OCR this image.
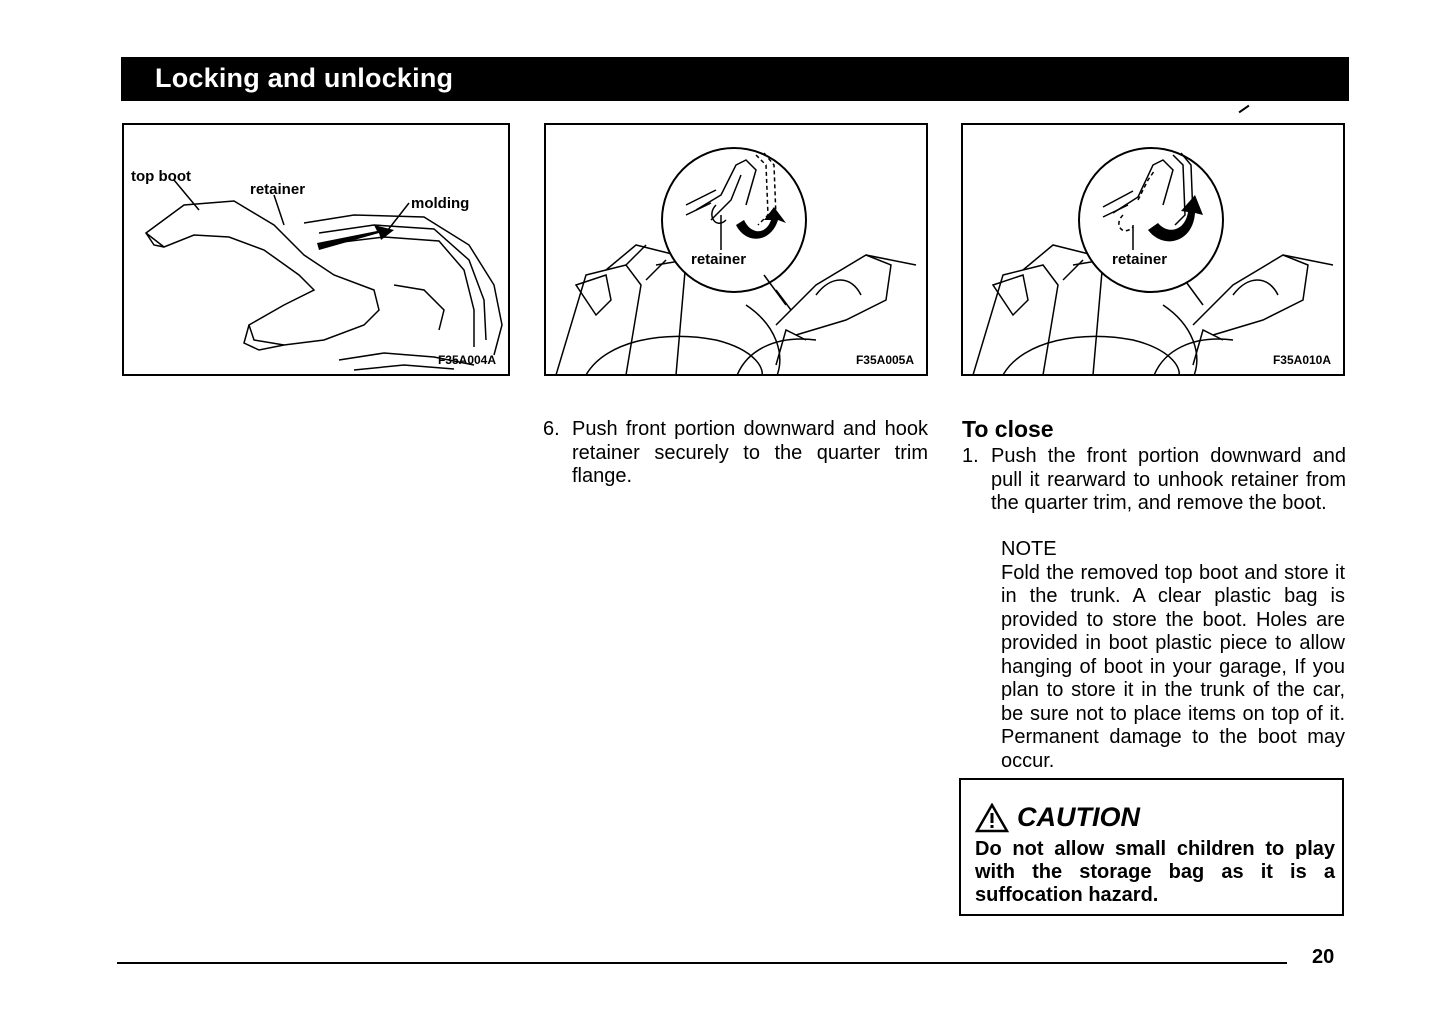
Locking and unlocking
top boot
retainer
molding
F35A004A
retainer
F35A005A
retainer
F35A010A
6. Push front portion downward and hook retainer securely to the quarter trim flange.
To close
1. Push the front portion downward and pull it rearward to unhook retainer from the quarter trim, and remove the boot.
NOTE

Fold the removed top boot and store it in the trunk. A clear plastic bag is provided to store the boot. Holes are provided in boot plastic piece to allow hanging of boot in your garage, If you plan to store it in the trunk of the car, be sure not to place items on top of it. Permanent damage to the boot may occur.

CAUTION
Do not allow small children to play with the storage bag as it is a suffocation hazard.
20
